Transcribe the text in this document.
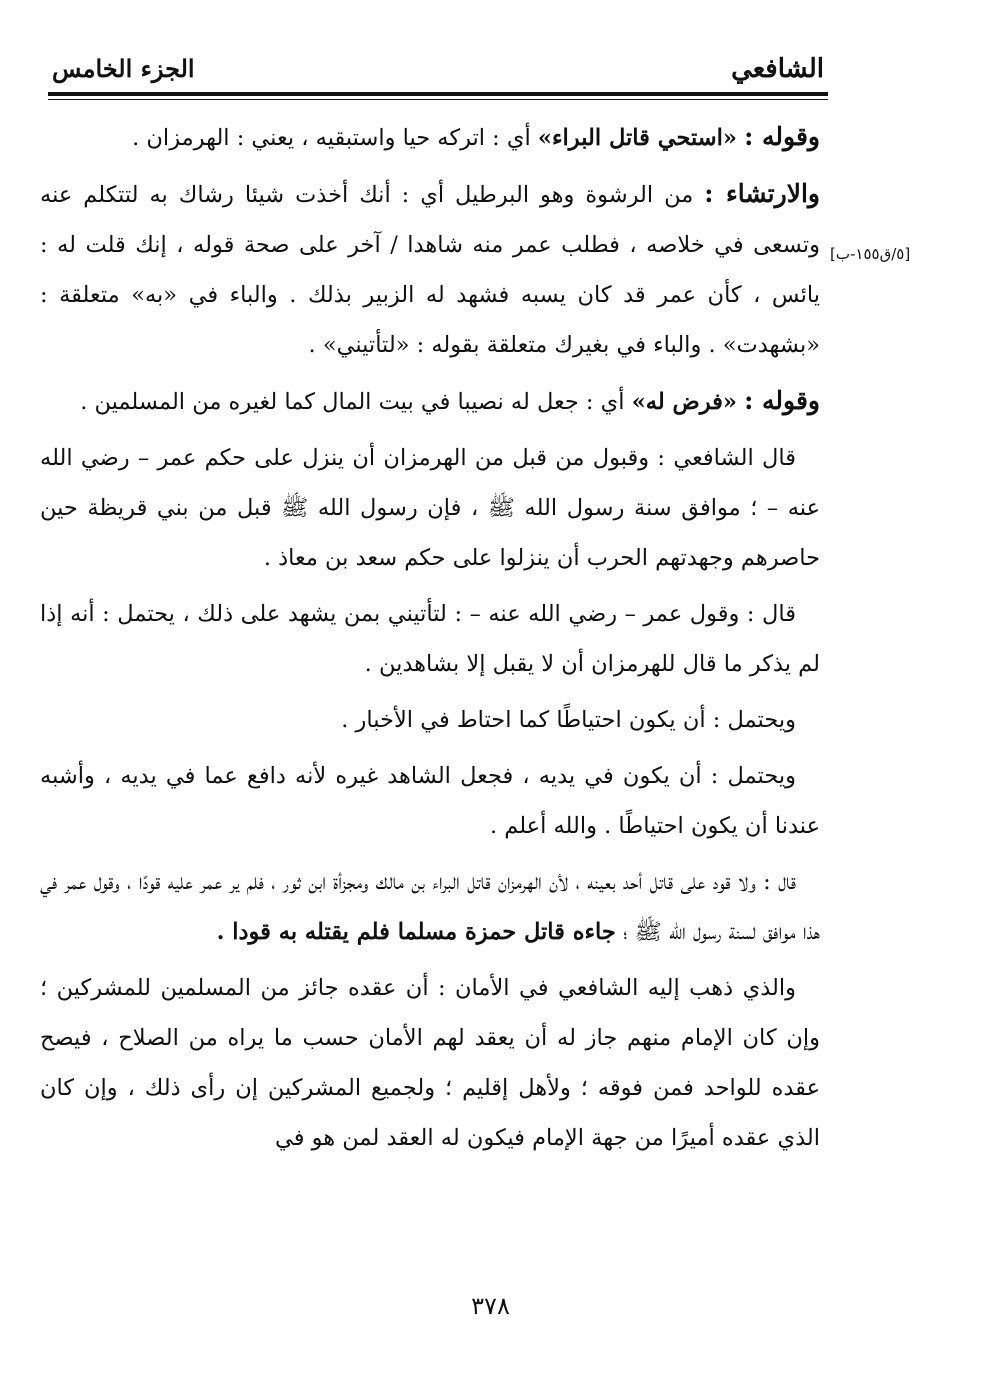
الشافعي
الجزء الخامس
[٥/ق١٥٥-ب]

وقوله : «استحي قاتل البراء» أي : اتركه حيا واستبقيه ، يعني : الهرمزان .

والارتشاء : من الرشوة وهو البرطيل أي : أنك أخذت شيئا رشاك به لتتكلم عنه وتسعى في خلاصه ، فطلب عمر منه شاهدا / آخر على صحة قوله ، إنك قلت له : يائس ، كأن عمر قد كان يسبه فشهد له الزبير بذلك . والباء في «به» متعلقة : «بشهدت» . والباء في بغيرك متعلقة بقوله : «لتأتيني» .

وقوله : «فرض له» أي : جعل له نصيبا في بيت المال كما لغيره من المسلمين .

قال الشافعي : وقبول من قبل من الهرمزان أن ينزل على حكم عمر – رضي الله عنه – ؛ موافق سنة رسول الله ﷺ ، فإن رسول الله ﷺ قبل من بني قريظة حين حاصرهم وجهدتهم الحرب أن ينزلوا على حكم سعد بن معاذ .

قال : وقول عمر – رضي الله عنه – : لتأتيني بمن يشهد على ذلك ، يحتمل : أنه إذا لم يذكر ما قال للهرمزان أن لا يقبل إلا بشاهدين .

ويحتمل : أن يكون احتياطًا كما احتاط في الأخبار .

ويحتمل : أن يكون في يديه ، فجعل الشاهد غيره لأنه دافع عما في يديه ، وأشبه عندنا أن يكون احتياطًا . والله أعلم .

قال : ولا قود على قاتل أحد بعينه ، لأن الهرمزان قاتل البراء بن مالك ومجزأة ابن ثور ، فلم ير عمر عليه قودًا ، وقول عمر في هذا موافق لسنة رسول الله ﷺ ؛ جاءه قاتل حمزة مسلما فلم يقتله به قودا .

والذي ذهب إليه الشافعي في الأمان : أن عقده جائز من المسلمين للمشركين ؛ وإن كان الإمام منهم جاز له أن يعقد لهم الأمان حسب ما يراه من الصلاح ، فيصح عقده للواحد فمن فوقه ؛ ولأهل إقليم ؛ ولجميع المشركين إن رأى ذلك ، وإن كان الذي عقده أميرًا من جهة الإمام فيكون له العقد لمن هو في

٣٧٨
